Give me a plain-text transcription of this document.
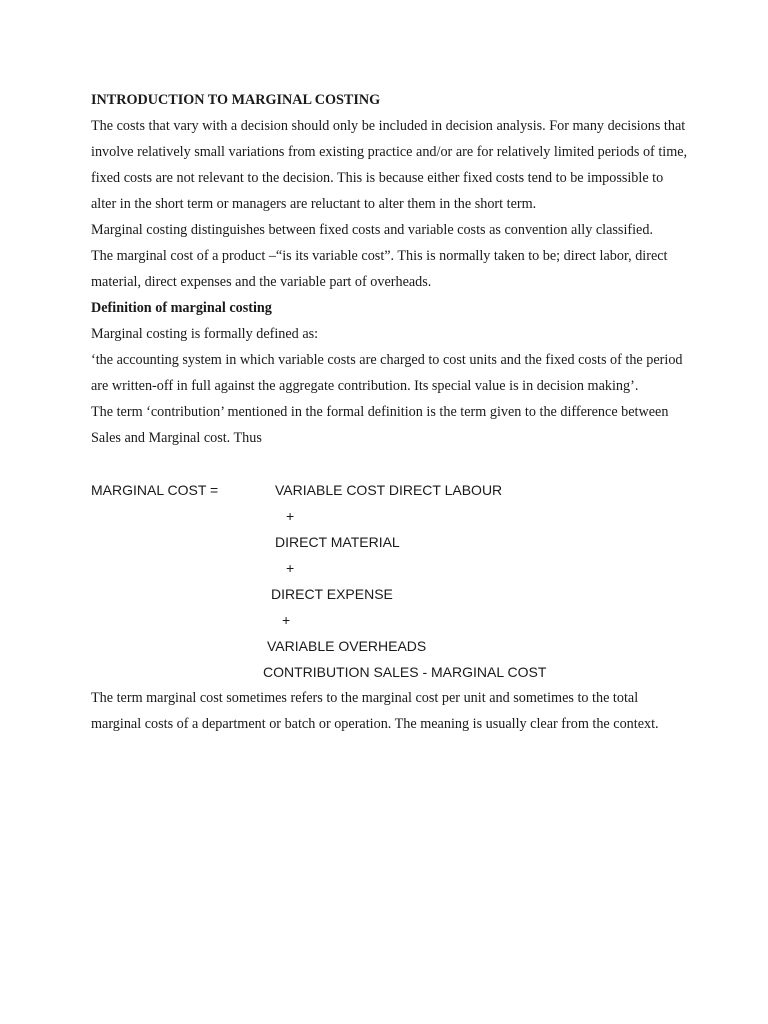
INTRODUCTION TO MARGINAL COSTING

The costs that vary with a decision should only be included in decision analysis. For many decisions that involve relatively small variations from existing practice and/or are for relatively limited periods of time, fixed costs are not relevant to the decision. This is because either fixed costs tend to be impossible to alter in the short term or managers are reluctant to alter them in the short term.

Marginal costing distinguishes between fixed costs and variable costs as convention ally classified.

The marginal cost of a product –“is its variable cost”. This is normally taken to be; direct labor, direct material, direct expenses and the variable part of overheads.

Definition of marginal costing

Marginal costing is formally defined as:

‘the accounting system in which variable costs are charged to cost units and the fixed costs of the period are written-off in full against the aggregate contribution. Its special value is in decision making’.

The term ‘contribution’ mentioned in the formal definition is the term given to the difference between Sales and Marginal cost. Thus

MARGINAL COST =	VARIABLE COST DIRECT LABOUR
+
DIRECT MATERIAL
+
DIRECT EXPENSE
+
VARIABLE OVERHEADS
CONTRIBUTION SALES - MARGINAL COST

The term marginal cost sometimes refers to the marginal cost per unit and sometimes to the total marginal costs of a department or batch or operation. The meaning is usually clear from the context.
